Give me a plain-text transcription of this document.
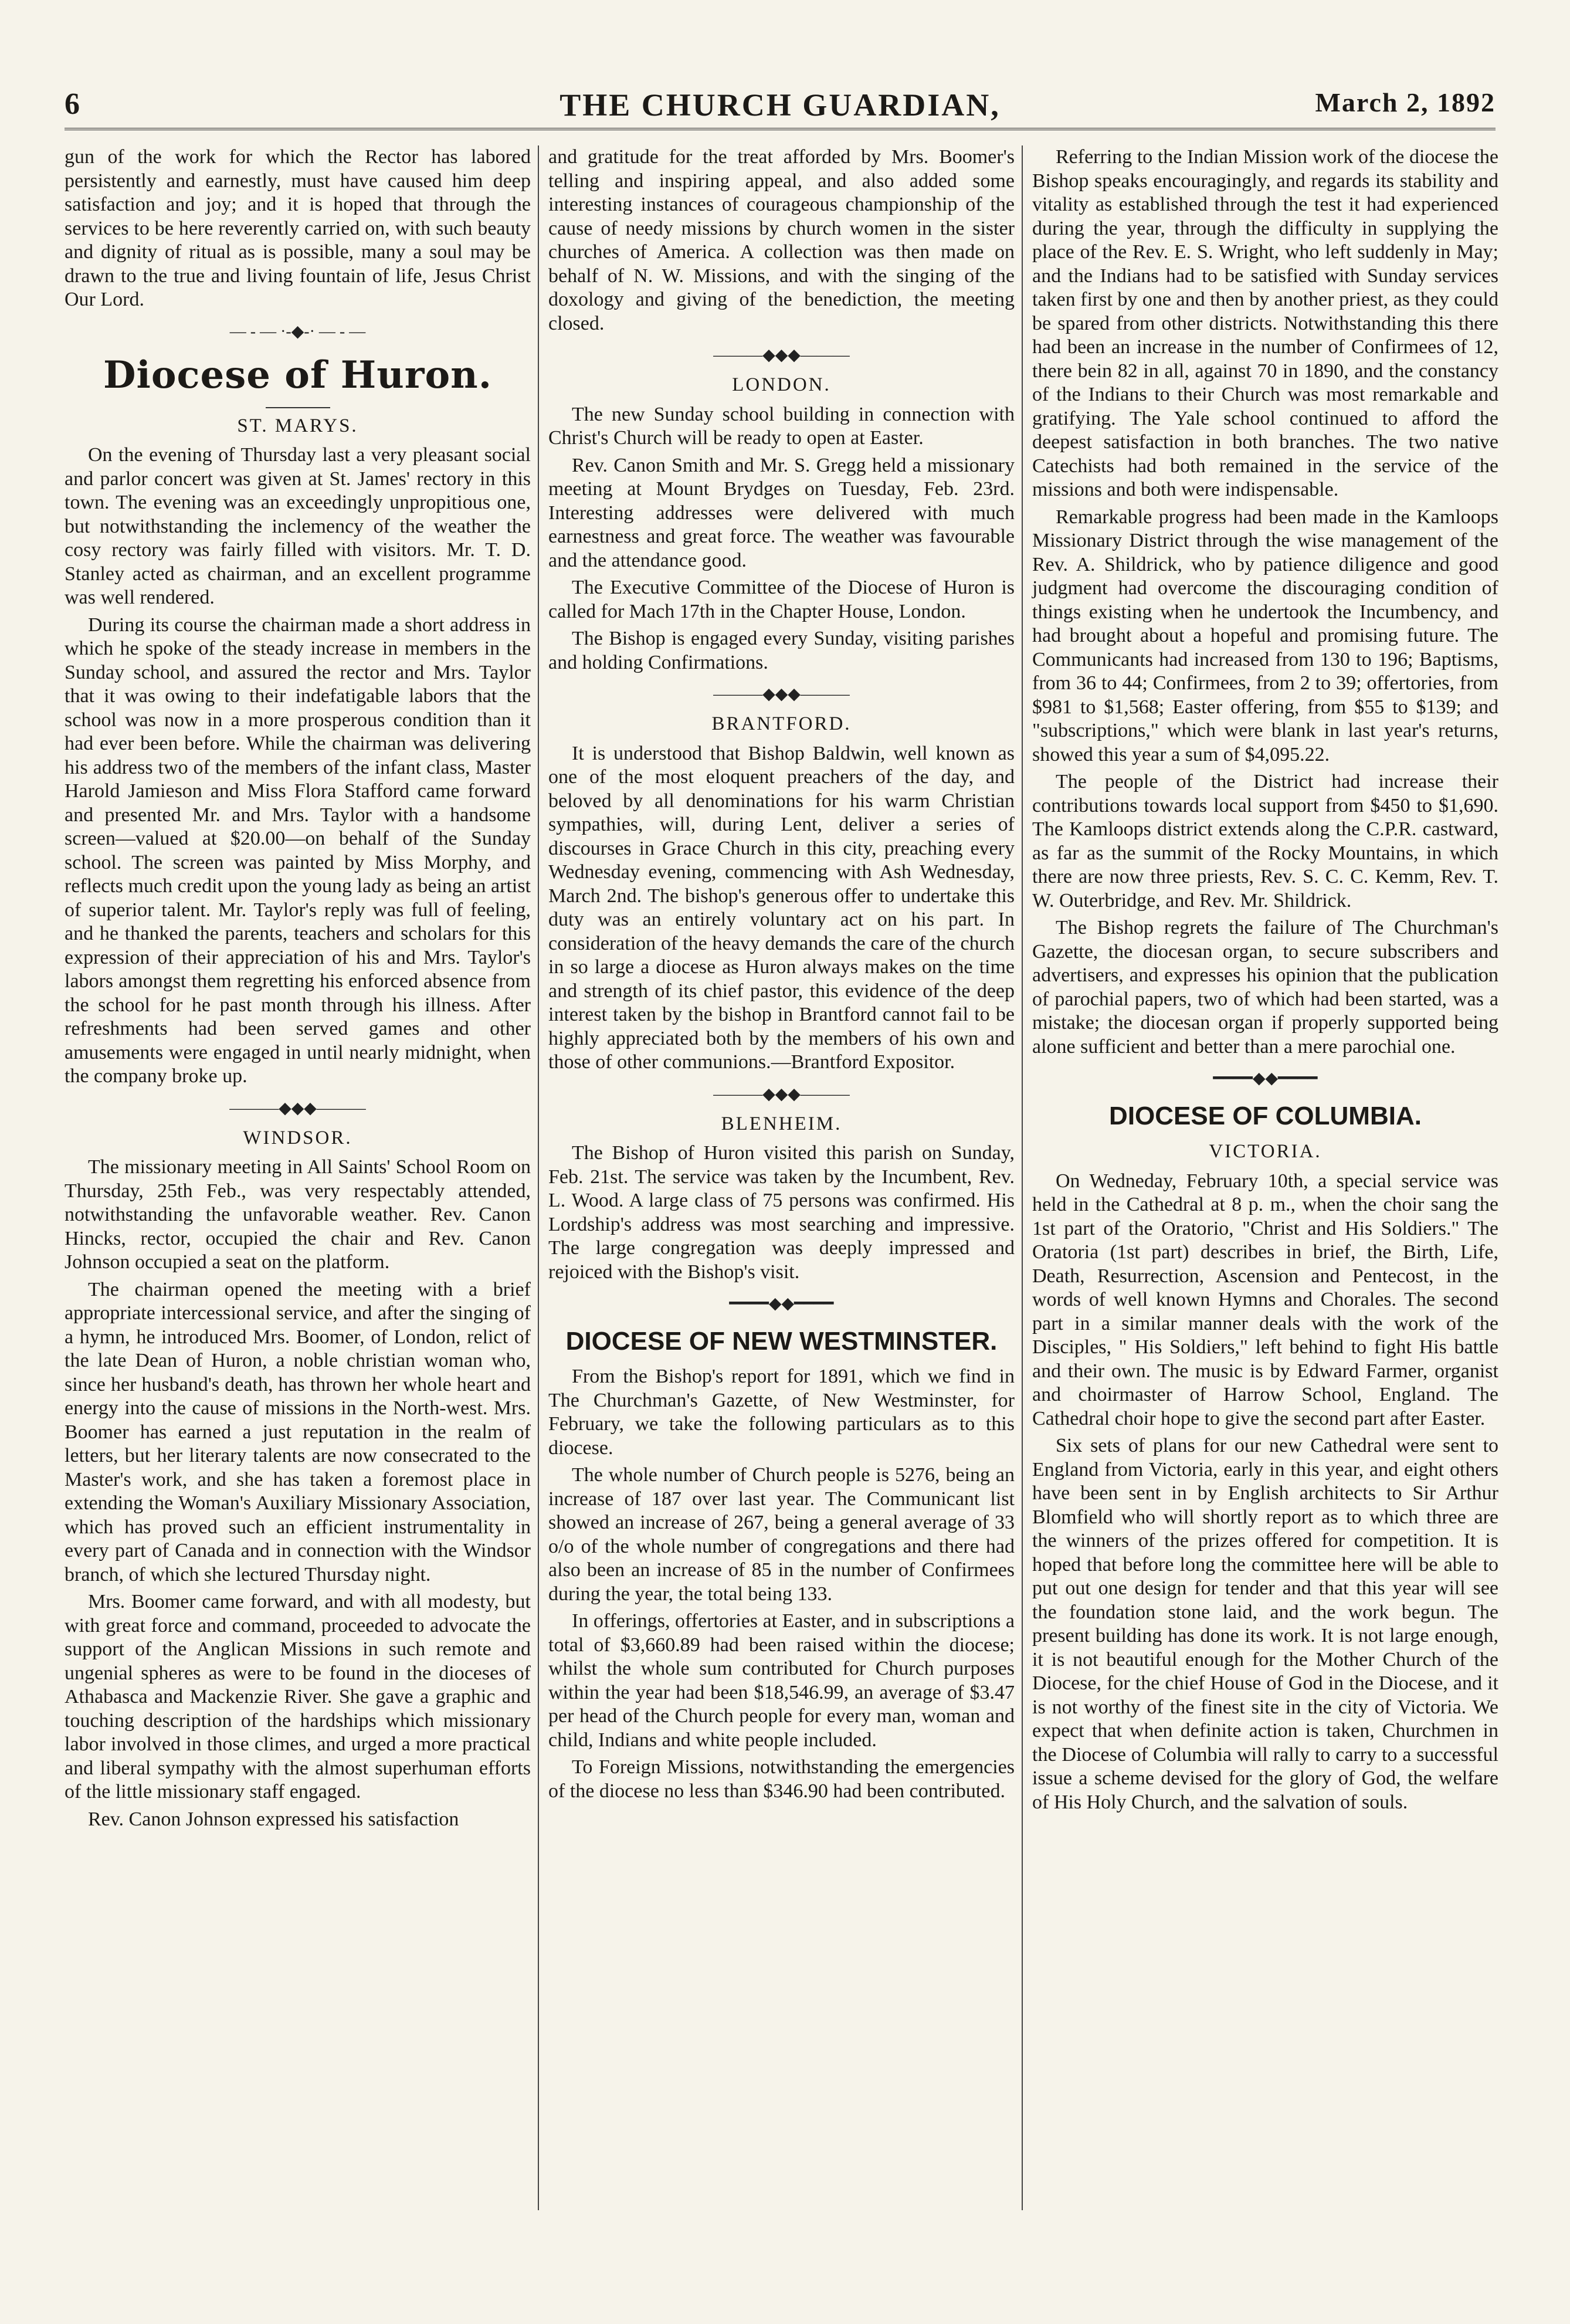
THE CHURCH GUARDIAN,
6	March 2, 1892

gun of the work for which the Rector has labored persistently and earnestly, must have caused him deep satisfaction and joy; and it is hoped that through the services to be here reverently carried on, with such beauty and dignity of ritual as is possible, many a soul may be drawn to the true and living fountain of life, Jesus Christ Our Lord.

— - — ·-◆-· — - —
Diocese of Huron.
ST. MARYS.

On the evening of Thursday last a very pleasant social and parlor concert was given at St. James' rectory in this town. The evening was an exceedingly unpropitious one, but notwithstanding the inclemency of the weather the cosy rectory was fairly filled with visitors. Mr. T. D. Stanley acted as chairman, and an excellent programme was well rendered.

During its course the chairman made a short address in which he spoke of the steady increase in members in the Sunday school, and assured the rector and Mrs. Taylor that it was owing to their indefatigable labors that the school was now in a more prosperous condition than it had ever been before. While the chairman was delivering his address two of the members of the infant class, Master Harold Jamieson and Miss Flora Stafford came forward and presented Mr. and Mrs. Taylor with a handsome screen—valued at $20.00—on behalf of the Sunday school. The screen was painted by Miss Morphy, and reflects much credit upon the young lady as being an artist of superior talent. Mr. Taylor's reply was full of feeling, and he thanked the parents, teachers and scholars for this expression of their appreciation of his and Mrs. Taylor's labors amongst them regretting his enforced absence from the school for he past month through his illness. After refreshments had been served games and other amusements were engaged in until nearly midnight, when the company broke up.

———◆◆◆———
WINDSOR.

The missionary meeting in All Saints' School Room on Thursday, 25th Feb., was very respectably attended, notwithstanding the unfavorable weather. Rev. Canon Hincks, rector, occupied the chair and Rev. Canon Johnson occupied a seat on the platform.

The chairman opened the meeting with a brief appropriate intercessional service, and after the singing of a hymn, he introduced Mrs. Boomer, of London, relict of the late Dean of Huron, a noble christian woman who, since her husband's death, has thrown her whole heart and energy into the cause of missions in the North-west. Mrs. Boomer has earned a just reputation in the realm of letters, but her literary talents are now consecrated to the Master's work, and she has taken a foremost place in extending the Woman's Auxiliary Missionary Association, which has proved such an efficient instrumentality in every part of Canada and in connection with the Windsor branch, of which she lectured Thursday night.

Mrs. Boomer came forward, and with all modesty, but with great force and command, proceeded to advocate the support of the Anglican Missions in such remote and ungenial spheres as were to be found in the dioceses of Athabasca and Mackenzie River. She gave a graphic and touching description of the hardships which missionary labor involved in those climes, and urged a more practical and liberal sympathy with the almost superhuman efforts of the little missionary staff engaged.

Rev. Canon Johnson expressed his satisfaction

and gratitude for the treat afforded by Mrs. Boomer's telling and inspiring appeal, and also added some interesting instances of courageous championship of the cause of needy missions by church women in the sister churches of America. A collection was then made on behalf of N. W. Missions, and with the singing of the doxology and giving of the benediction, the meeting closed.

———◆◆◆———
LONDON.

The new Sunday school building in connection with Christ's Church will be ready to open at Easter.

Rev. Canon Smith and Mr. S. Gregg held a missionary meeting at Mount Brydges on Tuesday, Feb. 23rd. Interesting addresses were delivered with much earnestness and great force. The weather was favourable and the attendance good.

The Executive Committee of the Diocese of Huron is called for Mach 17th in the Chapter House, London.

The Bishop is engaged every Sunday, visiting parishes and holding Confirmations.

———◆◆◆———
BRANTFORD.

It is understood that Bishop Baldwin, well known as one of the most eloquent preachers of the day, and beloved by all denominations for his warm Christian sympathies, will, during Lent, deliver a series of discourses in Grace Church in this city, preaching every Wednesday evening, commencing with Ash Wednesday, March 2nd. The bishop's generous offer to undertake this duty was an entirely voluntary act on his part. In consideration of the heavy demands the care of the church in so large a diocese as Huron always makes on the time and strength of its chief pastor, this evidence of the deep interest taken by the bishop in Brantford cannot fail to be highly appreciated both by the members of his own and those of other communions.—Brantford Expositor.

———◆◆◆———
BLENHEIM.

The Bishop of Huron visited this parish on Sunday, Feb. 21st. The service was taken by the Incumbent, Rev. L. Wood. A large class of 75 persons was confirmed. His Lordship's address was most searching and impressive. The large congregation was deeply impressed and rejoiced with the Bishop's visit.

━━━━◆◆━━━━
DIOCESE OF NEW WESTMINSTER.

From the Bishop's report for 1891, which we find in The Churchman's Gazette, of New Westminster, for February, we take the following particulars as to this diocese.

The whole number of Church people is 5276, being an increase of 187 over last year. The Communicant list showed an increase of 267, being a general average of 33 o/o of the whole number of congregations and there had also been an increase of 85 in the number of Confirmees during the year, the total being 133.

In offerings, offertories at Easter, and in subscriptions a total of $3,660.89 had been raised within the diocese; whilst the whole sum contributed for Church purposes within the year had been $18,546.99, an average of $3.47 per head of the Church people for every man, woman and child, Indians and white people included.

To Foreign Missions, notwithstanding the emergencies of the diocese no less than $346.90 had been contributed.

Referring to the Indian Mission work of the diocese the Bishop speaks encouragingly, and regards its stability and vitality as established through the test it had experienced during the year, through the difficulty in supplying the place of the Rev. E. S. Wright, who left suddenly in May; and the Indians had to be satisfied with Sunday services taken first by one and then by another priest, as they could be spared from other districts. Notwithstanding this there had been an increase in the number of Confirmees of 12, there bein 82 in all, against 70 in 1890, and the constancy of the Indians to their Church was most remarkable and gratifying. The Yale school continued to afford the deepest satisfaction in both branches. The two native Catechists had both remained in the service of the missions and both were indispensable.

Remarkable progress had been made in the Kamloops Missionary District through the wise management of the Rev. A. Shildrick, who by patience diligence and good judgment had overcome the discouraging condition of things existing when he undertook the Incumbency, and had brought about a hopeful and promising future. The Communicants had increased from 130 to 196; Baptisms, from 36 to 44; Confirmees, from 2 to 39; offertories, from $981 to $1,568; Easter offering, from $55 to $139; and "subscriptions," which were blank in last year's returns, showed this year a sum of $4,095.22.

The people of the District had increase their contributions towards local support from $450 to $1,690. The Kamloops district extends along the C.P.R. castward, as far as the summit of the Rocky Mountains, in which there are now three priests, Rev. S. C. C. Kemm, Rev. T. W. Outerbridge, and Rev. Mr. Shildrick.

The Bishop regrets the failure of The Churchman's Gazette, the diocesan organ, to secure subscribers and advertisers, and expresses his opinion that the publication of parochial papers, two of which had been started, was a mistake; the diocesan organ if properly supported being alone sufficient and better than a mere parochial one.

━━━━◆◆━━━━
DIOCESE OF COLUMBIA.
VICTORIA.

On Wedneday, February 10th, a special service was held in the Cathedral at 8 p. m., when the choir sang the 1st part of the Oratorio, "Christ and His Soldiers." The Oratoria (1st part) describes in brief, the Birth, Life, Death, Resurrection, Ascension and Pentecost, in the words of well known Hymns and Chorales. The second part in a similar manner deals with the work of the Disciples, " His Soldiers," left behind to fight His battle and their own. The music is by Edward Farmer, organist and choirmaster of Harrow School, England. The Cathedral choir hope to give the second part after Easter.

Six sets of plans for our new Cathedral were sent to England from Victoria, early in this year, and eight others have been sent in by English architects to Sir Arthur Blomfield who will shortly report as to which three are the winners of the prizes offered for competition. It is hoped that before long the committee here will be able to put out one design for tender and that this year will see the foundation stone laid, and the work begun. The present building has done its work. It is not large enough, it is not beautiful enough for the Mother Church of the Diocese, for the chief House of God in the Diocese, and it is not worthy of the finest site in the city of Victoria. We expect that when definite action is taken, Churchmen in the Diocese of Columbia will rally to carry to a successful issue a scheme devised for the glory of God, the welfare of His Holy Church, and the salvation of souls.
